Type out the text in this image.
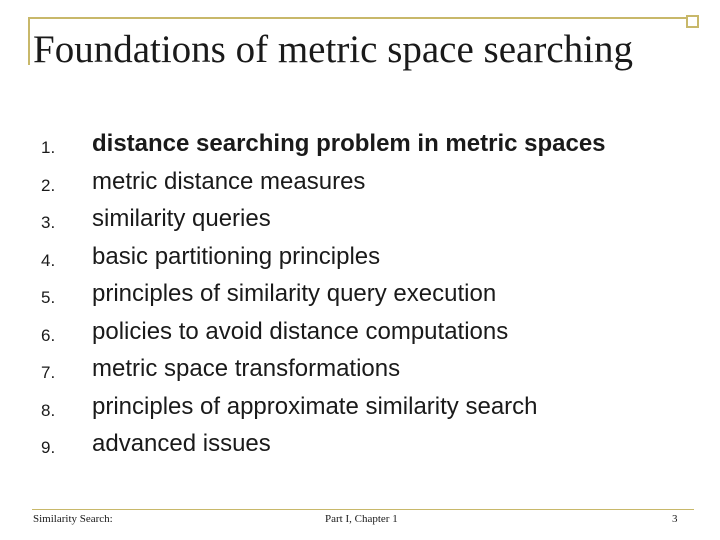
Foundations of metric space searching
1. distance searching problem in metric spaces
2. metric distance measures
3. similarity queries
4. basic partitioning principles
5. principles of similarity query execution
6. policies to avoid distance computations
7. metric space transformations
8. principles of approximate similarity search
9. advanced issues
Similarity Search:	Part I, Chapter 1	3
